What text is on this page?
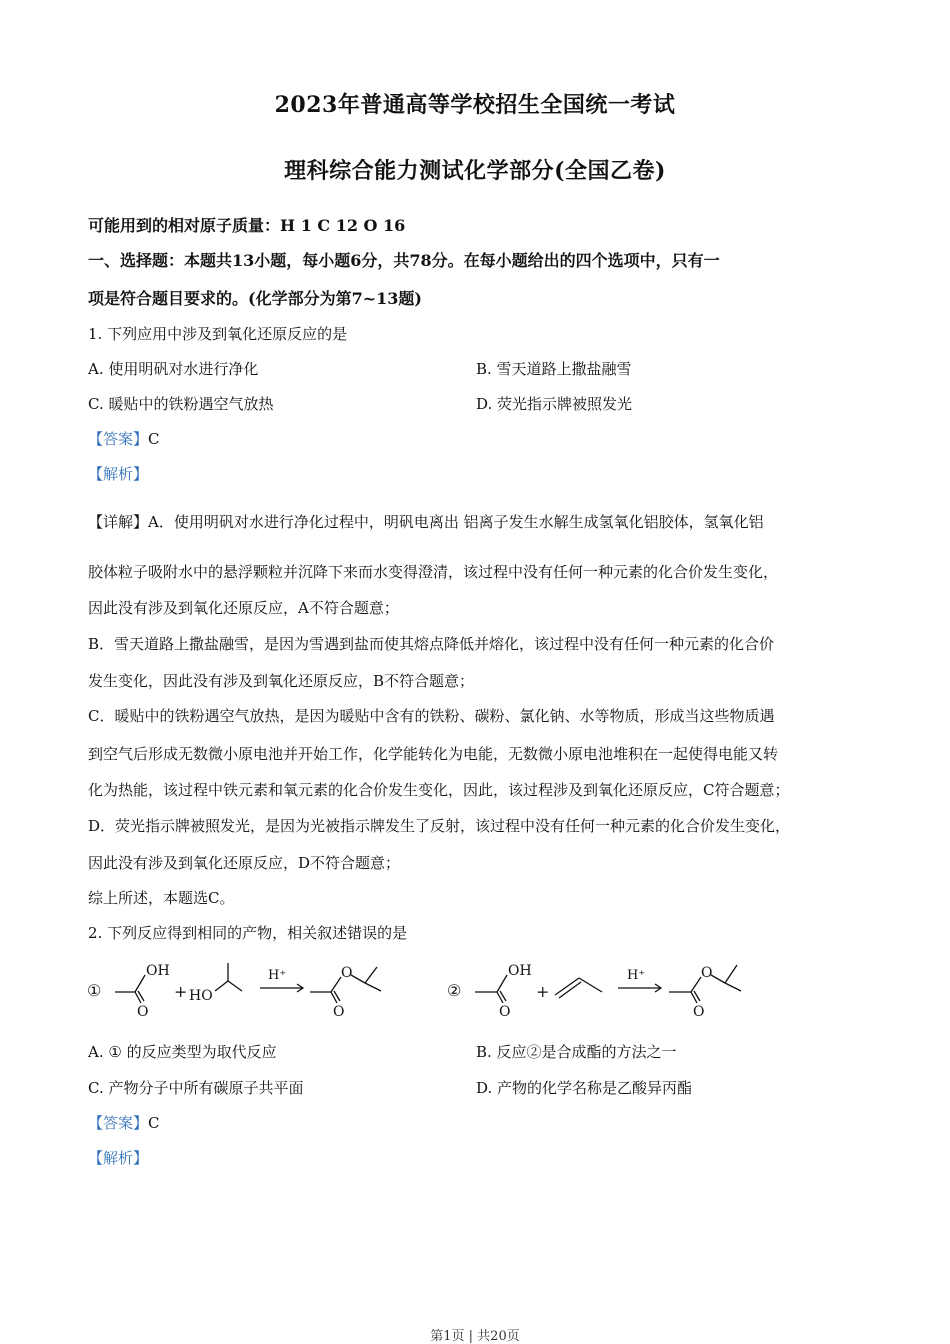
2023年普通高等学校招生全国统一考试
理科综合能力测试化学部分(全国乙卷)
可能用到的相对原子质量：H 1 C 12 O 16
一、选择题：本题共13小题，每小题6分，共78分。在每小题给出的四个选项中，只有一
项是符合题目要求的。(化学部分为第7~13题)
1. 下列应用中涉及到氧化还原反应的是
A. 使用明矾对水进行净化	B. 雪天道路上撒盐融雪
C. 暖贴中的铁粉遇空气放热	D. 荧光指示牌被照发光
【答案】C
【解析】
【详解】A．使用明矾对水进行净化过程中，明矾电离出 铝离子发生水解生成氢氧化铝胶体，氢氧化铝
胶体粒子吸附水中的悬浮颗粒并沉降下来而水变得澄清，该过程中没有任何一种元素的化合价发生变化，
因此没有涉及到氧化还原反应，A不符合题意；
B．雪天道路上撒盐融雪，是因为雪遇到盐而使其熔点降低并熔化，该过程中没有任何一种元素的化合价
发生变化，因此没有涉及到氧化还原反应，B不符合题意；
C．暖贴中的铁粉遇空气放热，是因为暖贴中含有的铁粉、碳粉、氯化钠、水等物质，形成当这些物质遇
到空气后形成无数微小原电池并开始工作，化学能转化为电能，无数微小原电池堆积在一起使得电能又转
化为热能，该过程中铁元素和氧元素的化合价发生变化，因此，该过程涉及到氧化还原反应，C符合题意；
D．荧光指示牌被照发光，是因为光被指示牌发生了反射，该过程中没有任何一种元素的化合价发生变化，
因此没有涉及到氧化还原反应，D不符合题意；
综上所述，本题选C。
2. 下列反应得到相同的产物，相关叙述错误的是
①
OH
O
+ HO
H⁺	O
O
②
OH
O
+
H⁺	O
O
A. ① 的反应类型为取代反应	B. 反应②是合成酯的方法之一
C. 产物分子中所有碳原子共平面	D. 产物的化学名称是乙酸异丙酯
【答案】C
【解析】
第1页 | 共20页
